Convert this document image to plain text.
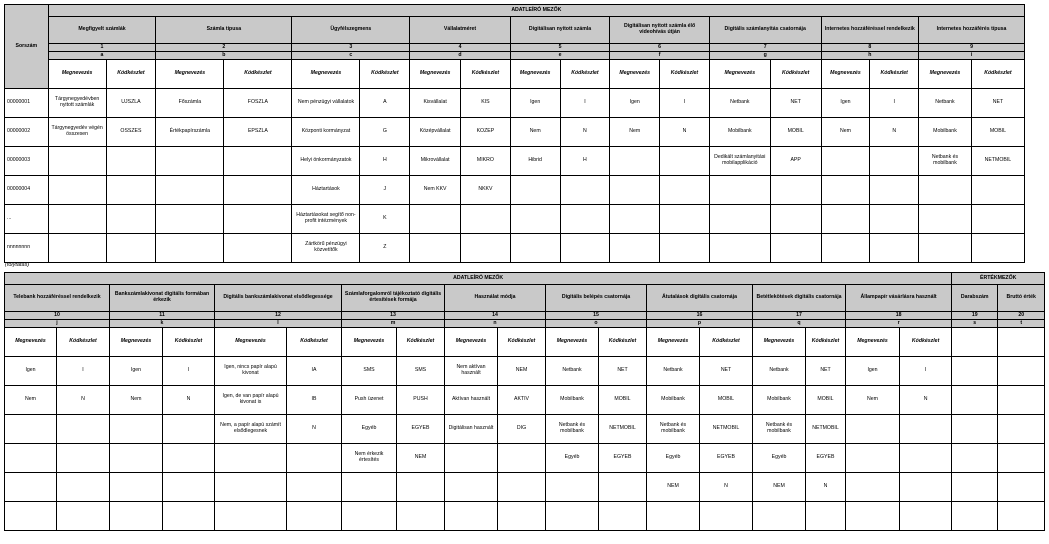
Sorszám	ADATLEÍRÓ MEZŐK																	
	Megfigyelt számlák		Számla típusa		Ügyfélszegmens		Vállalatméret		Digitálisan nyitott számla		Digitálisan nyitott számla élő videohívás útján		Digitális számlanyitás csatornája		Internetes hozzáféréssel rendelkezik		Internetes hozzáférés típusa	
	1		2		3		4		5		6		7		8		9	
	a		b		c		d		e		f		g		h		i	
	Megnevezés	Kódkészlet	Megnevezés	Kódkészlet	Megnevezés	Kódkészlet	Megnevezés	Kódkészlet	Megnevezés	Kódkészlet	Megnevezés	Kódkészlet	Megnevezés	Kódkészlet	Megnevezés	Kódkészlet	Megnevezés	Kódkészlet
00000001	Tárgynegyedévben nyitott számlák	UJSZLA	Főszámla	FOSZLA	Nem pénzügyi vállalatok	A	Kisvállalat	KIS	Igen	I	Igen	I	Netbank	NET	Igen	I	Netbank	NET
00000002	Tárgynegyedév végén összesen	OSSZES	Értékpapírszámla	EPSZLA	Központi kormányzat	G	Középvállalat	KOZEP	Nem	N	Nem	N	Mobilbank	MOBIL	Nem	N	Mobilbank	MOBIL
00000003					Helyi önkormányzatok	H	Mikrovállalat	MIKRO	Hibrid	H			Dedikált számlanyitási mobilapplikáció	APP			Netbank és mobilbank	NETMOBIL
00000004					Háztartások	J	Nem KKV	NKKV										
...					Háztartásokat segítő non-profit intézmények	K												
nnnnnnnn					Zártkörű pénzügyi közvetítők	Z												
(folytatás)
ADATLEÍRÓ MEZŐK																		ÉRTÉKMEZŐK	
Telebank hozzáféréssel rendelkezik		Bankszámlakivonat digitális formában érkezik		Digitális bankszámlakivonat elsődlegessége		Számlaforgalomról tájékoztató digitális értesítések formája		Használat módja		Digitális belépés csatornája		Átutalások digitális csatornája		Betétlekötések digitális csatornája		Állampapír vásárlásra használt		Darabszám	Bruttó érték
10		11		12		13		14		15		16		17		18		19	20
j		k		l		m		n		o		p		q		r		s	t
Megnevezés	Kódkészlet	Megnevezés	Kódkészlet	Megnevezés	Kódkészlet	Megnevezés	Kódkészlet	Megnevezés	Kódkészlet	Megnevezés	Kódkészlet	Megnevezés	Kódkészlet	Megnevezés	Kódkészlet	Megnevezés	Kódkészlet		
Igen	I	Igen	I	Igen, nincs papír alapú kivonat	IA	SMS	SMS	Nem aktívan használt	NEM	Netbank	NET	Netbank	NET	Netbank	NET	Igen	I		
Nem	N	Nem	N	Igen, de van papír alapú kivonat is	IB	Push üzenet	PUSH	Aktívan használt	AKTIV	Mobilbank	MOBIL	Mobilbank	MOBIL	Mobilbank	MOBIL	Nem	N		
				Nem, a papír alapú számít elsődlegesnek	N	Egyéb	EGYEB	Digitálisan használt	DIG	Netbank és mobilbank	NETMOBIL	Netbank és mobilbank	NETMOBIL	Netbank és mobilbank	NETMOBIL				
						Nem érkezik értesítés	NEM			Egyéb	EGYEB	Egyéb	EGYEB	Egyéb	EGYEB				
												NEM	N	NEM	N				
